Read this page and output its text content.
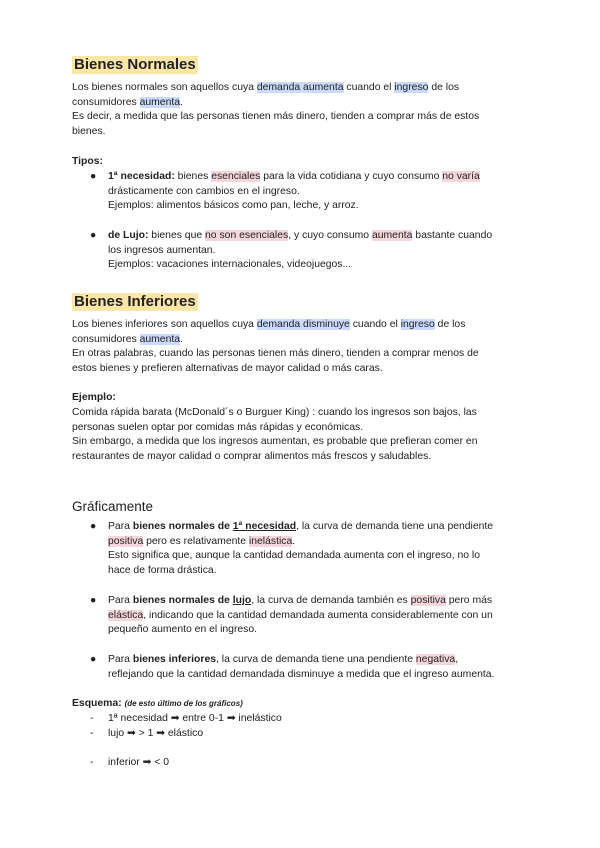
Bienes Normales
Los bienes normales son aquellos cuya demanda aumenta cuando el ingreso de los
consumidores aumenta.
Es decir, a medida que las personas tienen más dinero, tienden a comprar más de estos
bienes.
Tipos:
● 1ª necesidad: bienes esenciales para la vida cotidiana y cuyo consumo no varía
drásticamente con cambios en el ingreso.
Ejemplos: alimentos básicos como pan, leche, y arroz.
● de Lujo: bienes que no son esenciales, y cuyo consumo aumenta bastante cuando
los ingresos aumentan.
Ejemplos: vacaciones internacionales, videojuegos...
Bienes Inferiores
Los bienes inferiores son aquellos cuya demanda disminuye cuando el ingreso de los
consumidores aumenta.
En otras palabras, cuando las personas tienen más dinero, tienden a comprar menos de
estos bienes y prefieren alternativas de mayor calidad o más caras.
Ejemplo:
Comida rápida barata (McDonald´s o Burguer King) : cuando los ingresos son bajos, las
personas suelen optar por comidas más rápidas y económicas.
Sin embargo, a medida que los ingresos aumentan, es probable que prefieran comer en
restaurantes de mayor calidad o comprar alimentos más frescos y saludables.
Gráficamente
● Para bienes normales de 1ª necesidad, la curva de demanda tiene una pendiente
positiva pero es relativamente inelástica.
Esto significa que, aunque la cantidad demandada aumenta con el ingreso, no lo
hace de forma drástica.
● Para bienes normales de lujo, la curva de demanda también es positiva pero más
elástica, indicando que la cantidad demandada aumenta considerablemente con un
pequeño aumento en el ingreso.
● Para bienes inferiores, la curva de demanda tiene una pendiente negativa,
reflejando que la cantidad demandada disminuye a medida que el ingreso aumenta.
Esquema: (de esto último de los gráficos)
- 1ª necesidad ➡ entre 0-1 ➡ inelástico
- lujo ➡ > 1 ➡ elástico
- inferior ➡ < 0
